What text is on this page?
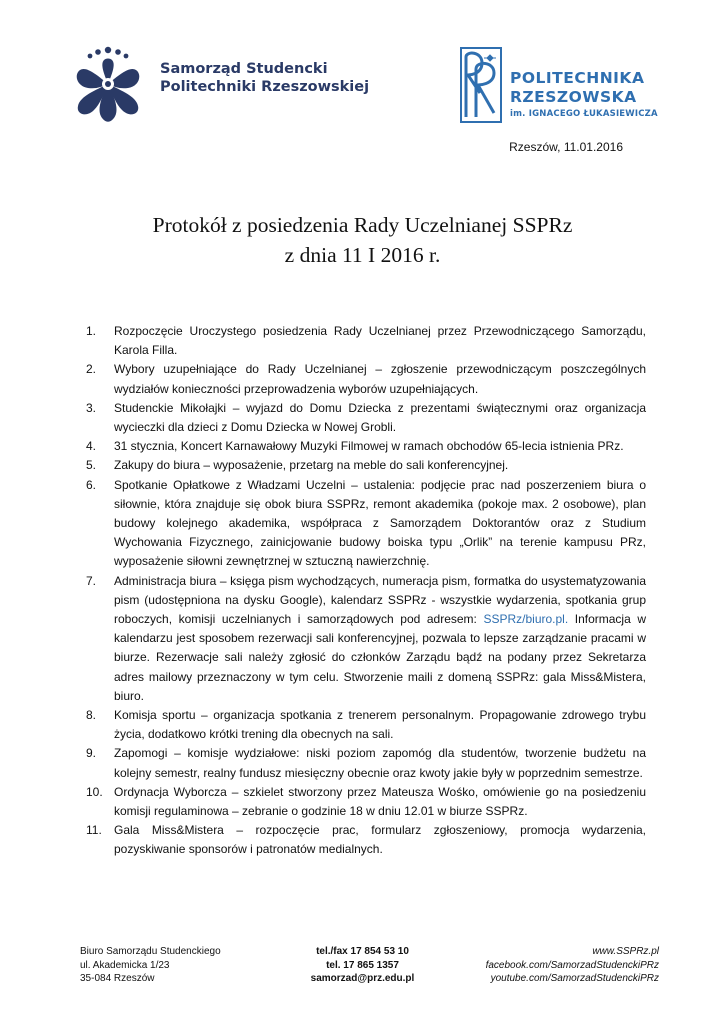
Samorząd Studencki
Politechniki Rzeszowskiej	POLITECHNIKA
RZESZOWSKA
im. IGNACEGO ŁUKASIEWICZA
Rzeszów, 11.01.2016
Protokół z posiedzenia Rady Uczelnianej SSPRz
z dnia 11 I 2016 r.
1.	Rozpoczęcie Uroczystego posiedzenia Rady Uczelnianej przez Przewodniczącego Samorządu, Karola Filla.
2.	Wybory uzupełniające do Rady Uczelnianej – zgłoszenie przewodniczącym poszczególnych wydziałów konieczności przeprowadzenia wyborów uzupełniających.
3.	Studenckie Mikołajki – wyjazd do Domu Dziecka z prezentami świątecznymi oraz organizacja wycieczki dla dzieci z Domu Dziecka w Nowej Grobli.
4.	31 stycznia, Koncert Karnawałowy Muzyki Filmowej w ramach obchodów 65-lecia istnienia PRz.
5.	Zakupy do biura – wyposażenie, przetarg na meble do sali konferencyjnej.
6.	Spotkanie Opłatkowe z Władzami Uczelni – ustalenia: podjęcie prac nad poszerzeniem biura o siłownie, która znajduje się obok biura SSPRz, remont akademika (pokoje max. 2 osobowe), plan budowy kolejnego akademika, współpraca z Samorządem Doktorantów oraz z Studium Wychowania Fizycznego, zainicjowanie budowy boiska typu „Orlik” na terenie kampusu PRz, wyposażenie siłowni zewnętrznej w sztuczną nawierzchnię.
7.	Administracja biura – księga pism wychodzących, numeracja pism, formatka do usystematyzowania pism (udostępniona na dysku Google), kalendarz SSPRz - wszystkie wydarzenia, spotkania grup roboczych, komisji uczelnianych i samorządowych pod adresem: SSPRz/biuro.pl. Informacja w kalendarzu jest sposobem rezerwacji sali konferencyjnej, pozwala to lepsze zarządzanie pracami w biurze. Rezerwacje sali należy zgłosić do członków Zarządu bądź na podany przez Sekretarza adres mailowy przeznaczony w tym celu. Stworzenie maili z domeną SSPRz: gala Miss&Mistera, biuro.
8.	Komisja sportu – organizacja spotkania z trenerem personalnym. Propagowanie zdrowego trybu życia, dodatkowo krótki trening dla obecnych na sali.
9.	Zapomogi – komisje wydziałowe: niski poziom zapomóg dla studentów, tworzenie budżetu na kolejny semestr, realny fundusz miesięczny obecnie oraz kwoty jakie były w poprzednim semestrze.
10. Ordynacja Wyborcza – szkielet stworzony przez Mateusza Wośko, omówienie go na posiedzeniu komisji regulaminowa – zebranie o godzinie 18 w dniu 12.01 w biurze SSPRz.
11.	Gala Miss&Mistera – rozpoczęcie prac, formularz zgłoszeniowy, promocja wydarzenia, pozyskiwanie sponsorów i patronatów medialnych.
Biuro Samorządu Studenckiego
ul. Akademicka 1/23
35-084 Rzeszów
tel./fax 17 854 53 10
tel. 17 865 1357
samorzad@prz.edu.pl
www.SSPRz.pl
facebook.com/SamorzadStudenckiPRz
youtube.com/SamorzadStudenckiPRz
